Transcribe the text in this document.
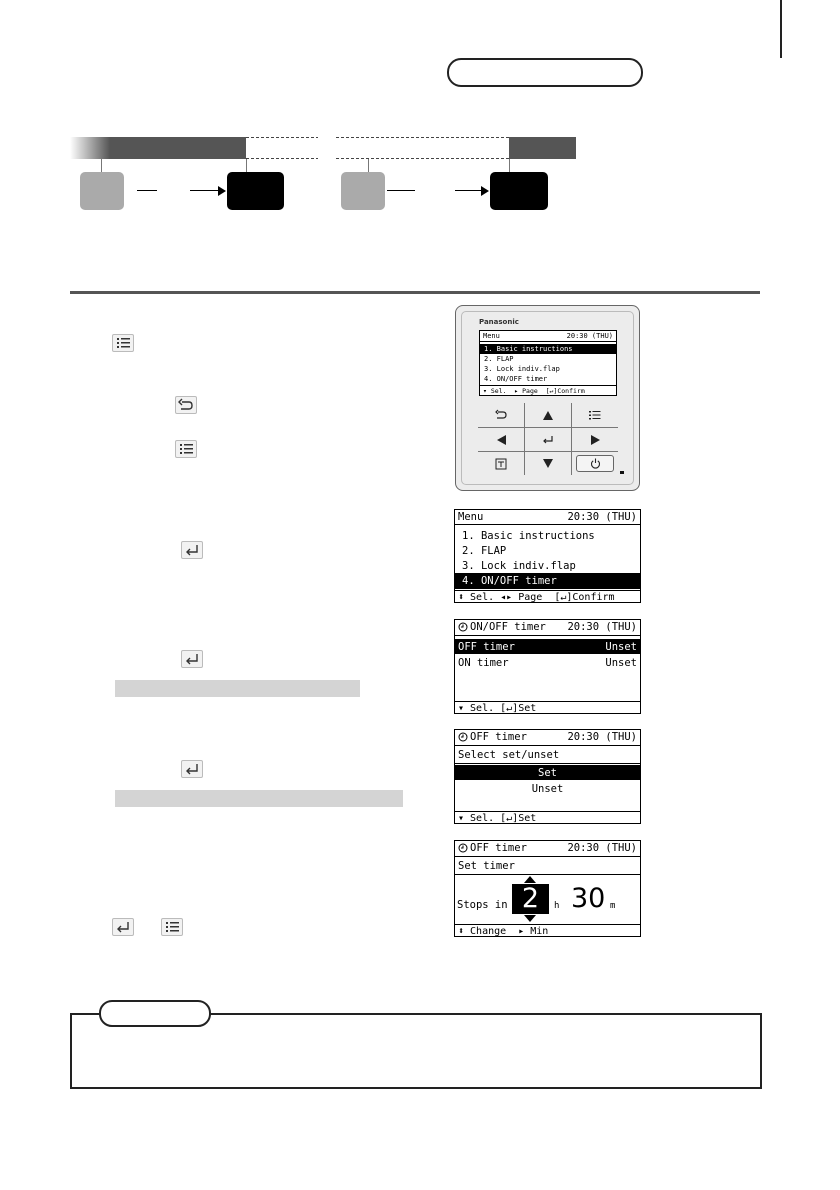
Panasonic
Menu	20:30 (THU)
1. Basic instructions
2. FLAP
3. Lock indiv.flap
4. ON/OFF timer
▾ Sel.  ▸ Page  [↵]Confirm
Menu	20:30 (THU)
1. Basic instructions
2. FLAP
3. Lock indiv.flap
4. ON/OFF timer
⬍ Sel. ◂▸ Page  [↵]Confirm
ON/OFF timer 20:30 (THU)
OFF timer	Unset
ON timer	Unset
▾ Sel. [↵]Set
OFF timer	20:30 (THU)
Select set/unset
Set
Unset
▾ Sel. [↵]Set
OFF timer	20:30 (THU)
Set timer
Stops in 2	h 30 m
⬍ Change  ▸ Min
